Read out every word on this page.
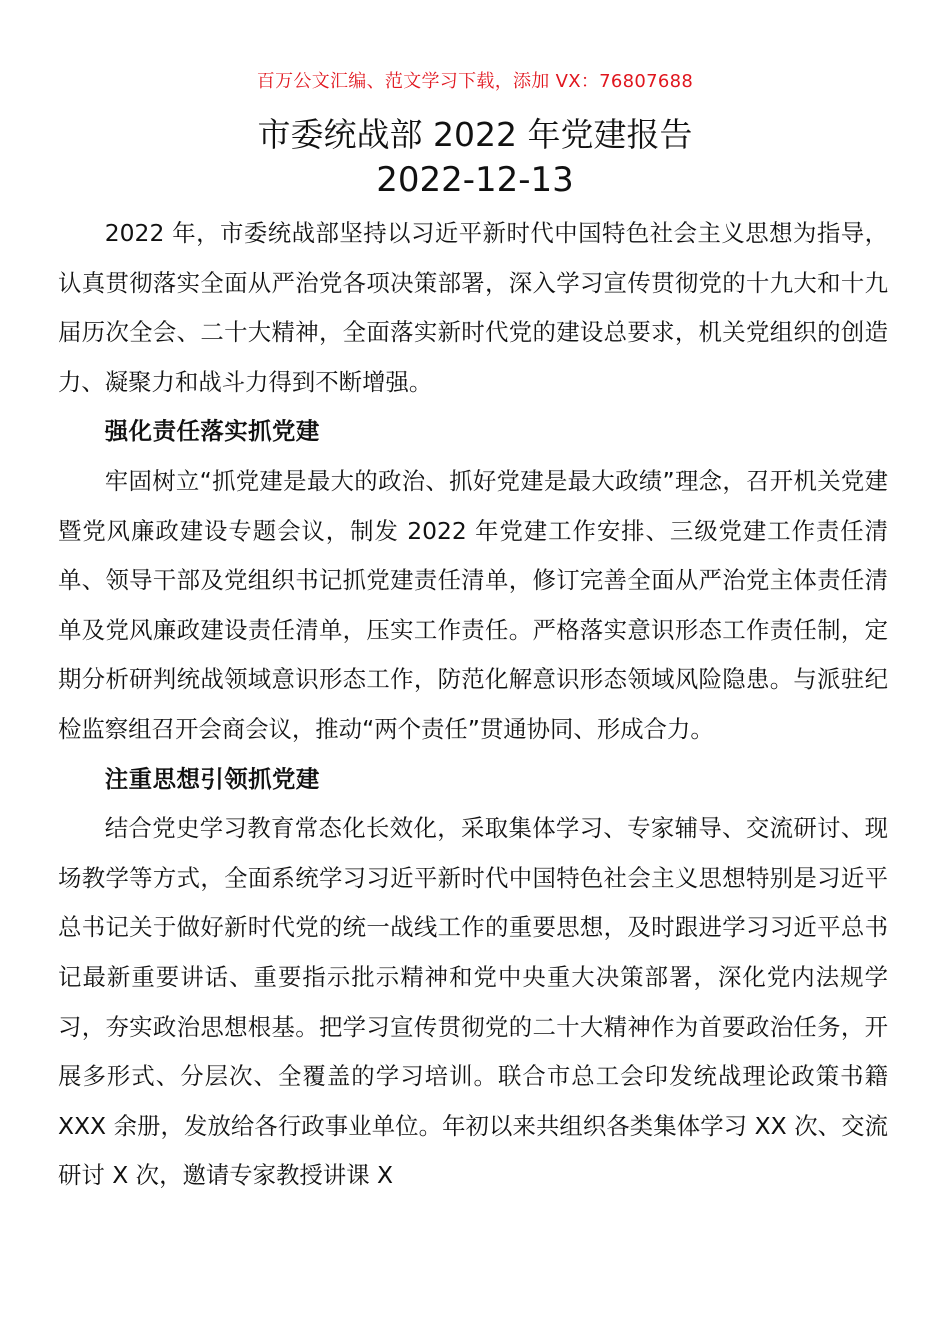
百万公文汇编、范文学习下载，添加 VX：76807688
市委统战部 2022 年党建报告
2022-12-13

2022 年，市委统战部坚持以习近平新时代中国特色社会主义思想为指导，认真贯彻落实全面从严治党各项决策部署，深入学习宣传贯彻党的十九大和十九届历次全会、二十大精神，全面落实新时代党的建设总要求，机关党组织的创造力、凝聚力和战斗力得到不断增强。

强化责任落实抓党建

牢固树立“抓党建是最大的政治、抓好党建是最大政绩”理念，召开机关党建暨党风廉政建设专题会议，制发 2022 年党建工作安排、三级党建工作责任清单、领导干部及党组织书记抓党建责任清单，修订完善全面从严治党主体责任清单及党风廉政建设责任清单，压实工作责任。严格落实意识形态工作责任制，定期分析研判统战领域意识形态工作，防范化解意识形态领域风险隐患。与派驻纪检监察组召开会商会议，推动“两个责任”贯通协同、形成合力。

注重思想引领抓党建

结合党史学习教育常态化长效化，采取集体学习、专家辅导、交流研讨、现场教学等方式，全面系统学习习近平新时代中国特色社会主义思想特别是习近平总书记关于做好新时代党的统一战线工作的重要思想，及时跟进学习习近平总书记最新重要讲话、重要指示批示精神和党中央重大决策部署，深化党内法规学习，夯实政治思想根基。把学习宣传贯彻党的二十大精神作为首要政治任务，开展多形式、分层次、全覆盖的学习培训。联合市总工会印发统战理论政策书籍 XXX 余册，发放给各行政事业单位。年初以来共组织各类集体学习 XX 次、交流研讨 X 次，邀请专家教授讲课 X
